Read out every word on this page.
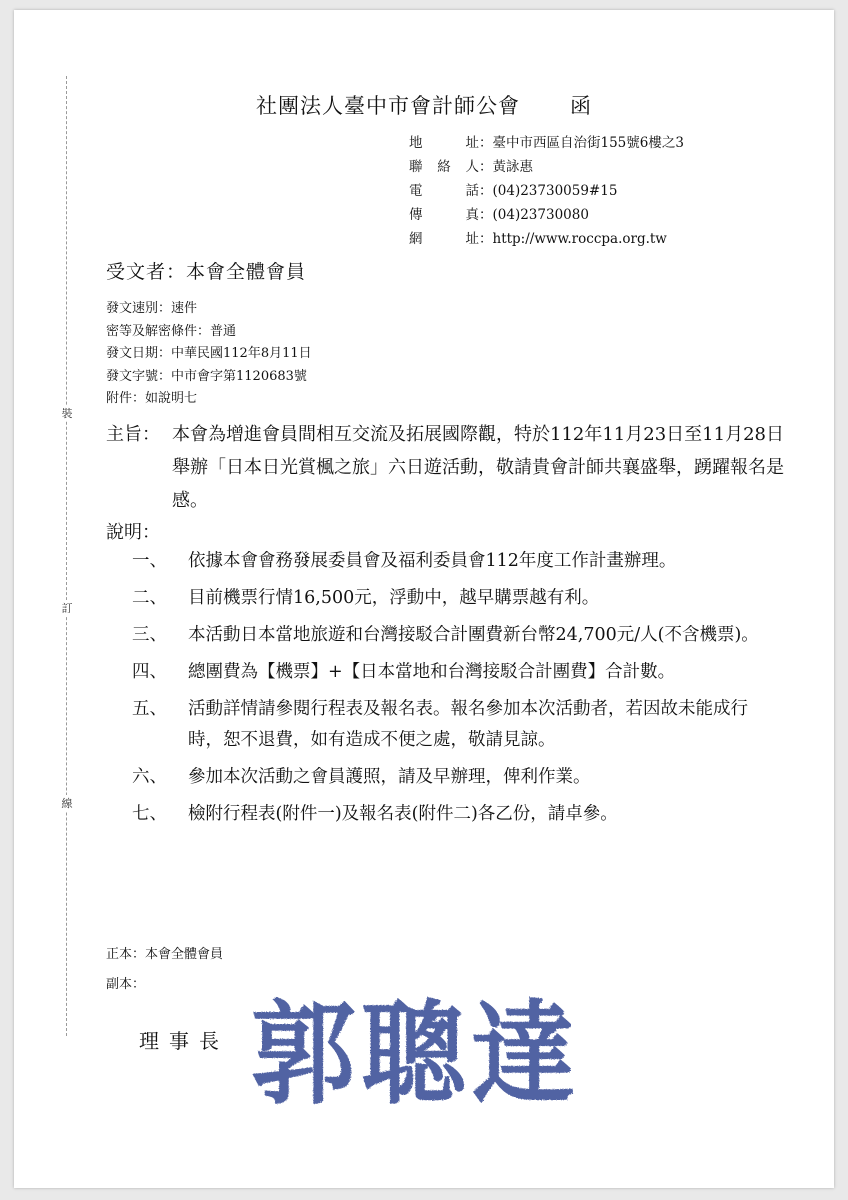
裝
訂
線
社團法人臺中市會計師公會 函
地　址：臺中市西區自治街155號6樓之3
聯絡人：黃詠惠
電　話：(04)23730059#15
傳　真：(04)23730080
網　址：http://www.roccpa.org.tw
受文者：本會全體會員
發文速別：速件
密等及解密條件：普通
發文日期：中華民國112年8月11日
發文字號：中市會字第1120683號
附件：如說明七
主旨： 本會為增進會員間相互交流及拓展國際觀，特於112年11月23日至11月28日舉辦「日本日光賞楓之旅」六日遊活動，敬請貴會計師共襄盛舉，踴躍報名是感。
說明：
一、 依據本會會務發展委員會及福利委員會112年度工作計畫辦理。
二、 目前機票行情16,500元，浮動中，越早購票越有利。
三、 本活動日本當地旅遊和台灣接駁合計團費新台幣24,700元/人(不含機票)。
四、 總團費為【機票】+【日本當地和台灣接駁合計團費】合計數。
五、 活動詳情請參閱行程表及報名表。報名參加本次活動者，若因故未能成行時，恕不退費，如有造成不便之處，敬請見諒。
六、 參加本次活動之會員護照，請及早辦理，俾利作業。
七、 檢附行程表(附件一)及報名表(附件二)各乙份，請卓參。
正本：本會全體會員
副本：
理事長 郭聰達
